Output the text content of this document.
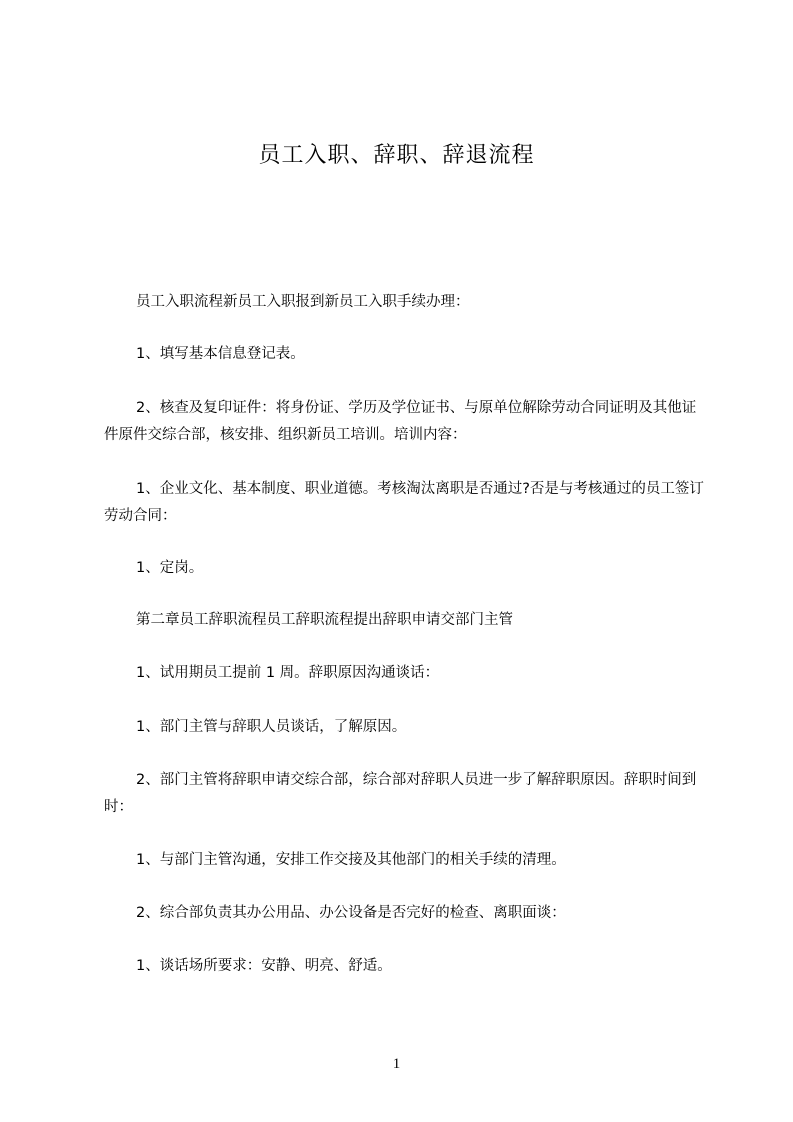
员工入职、辞职、辞退流程

员工入职流程新员工入职报到新员工入职手续办理：

1、填写基本信息登记表。

2、核查及复印证件：将身份证、学历及学位证书、与原单位解除劳动合同证明及其他证件原件交综合部，核安排、组织新员工培训。培训内容：

1、企业文化、基本制度、职业道德。考核淘汰离职是否通过?否是与考核通过的员工签订劳动合同：

1、定岗。

第二章员工辞职流程员工辞职流程提出辞职申请交部门主管

1、试用期员工提前 1 周。辞职原因沟通谈话：

1、部门主管与辞职人员谈话，了解原因。

2、部门主管将辞职申请交综合部，综合部对辞职人员进一步了解辞职原因。辞职时间到时：

1、与部门主管沟通，安排工作交接及其他部门的相关手续的清理。

2、综合部负责其办公用品、办公设备是否完好的检查、离职面谈：

1、谈话场所要求：安静、明亮、舒适。

1
